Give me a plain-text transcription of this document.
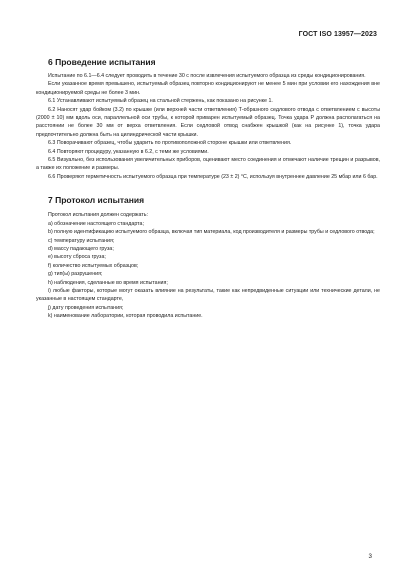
ГОСТ ISO 13957—2023
6 Проведение испытания

Испытание по 6.1—6.4 следует проводить в течение 30 с после извлечения испытуемого образца из среды кондиционирования.

Если указанное время превышено, испытуемый образец повторно кондиционируют не менее 5 мин при условии его нахождения вне кондиционируемой среды не более 3 мин.

6.1 Устанавливают испытуемый образец на стальной стержень, как показано на рисунке 1.

6.2 Наносят удар бойком (3.2) по крышке (или верхней части ответвления) Т-образного седлового отвода с ответвлением с высоты (2000 ± 10) мм вдоль оси, параллельной оси трубы, к которой приварен испытуемый образец. Точка удара P должна располагаться на расстоянии не более 30 мм от верха ответвления. Если седловой отвод снабжен крышкой (как на рисунке 1), точка удара предпочтительно должна быть на цилиндрической части крышки.

6.3 Поворачивают образец, чтобы ударить по противоположной стороне крышки или ответвления.

6.4 Повторяют процедуру, указанную в 6.2, с теми же условиями.

6.5 Визуально, без использования увеличительных приборов, оценивают место соединения и отмечают наличие трещин и разрывов, а также их положение и размеры.

6.6 Проверяют герметичность испытуемого образца при температуре (23 ± 2) °С, используя внутреннее давление 25 мбар или 6 бар.

7 Протокол испытания

Протокол испытания должен содержать:

a) обозначение настоящего стандарта;

b) полную идентификацию испытуемого образца, включая тип материала, код производителя и размеры трубы и седлового отвода;

c) температуру испытания;

d) массу падающего груза;

e) высоту сброса груза;

f) количество испытуемых образцов;

g) тип(ы) разрушения;

h) наблюдения, сделанные во время испытания;

i) любые факторы, которые могут оказать влияние на результаты, такие как непредвиденные ситуации или технические детали, не указанные в настоящем стандарте,

j) дату проведения испытания;

k) наименование лаборатории, которая проводила испытание.

3
